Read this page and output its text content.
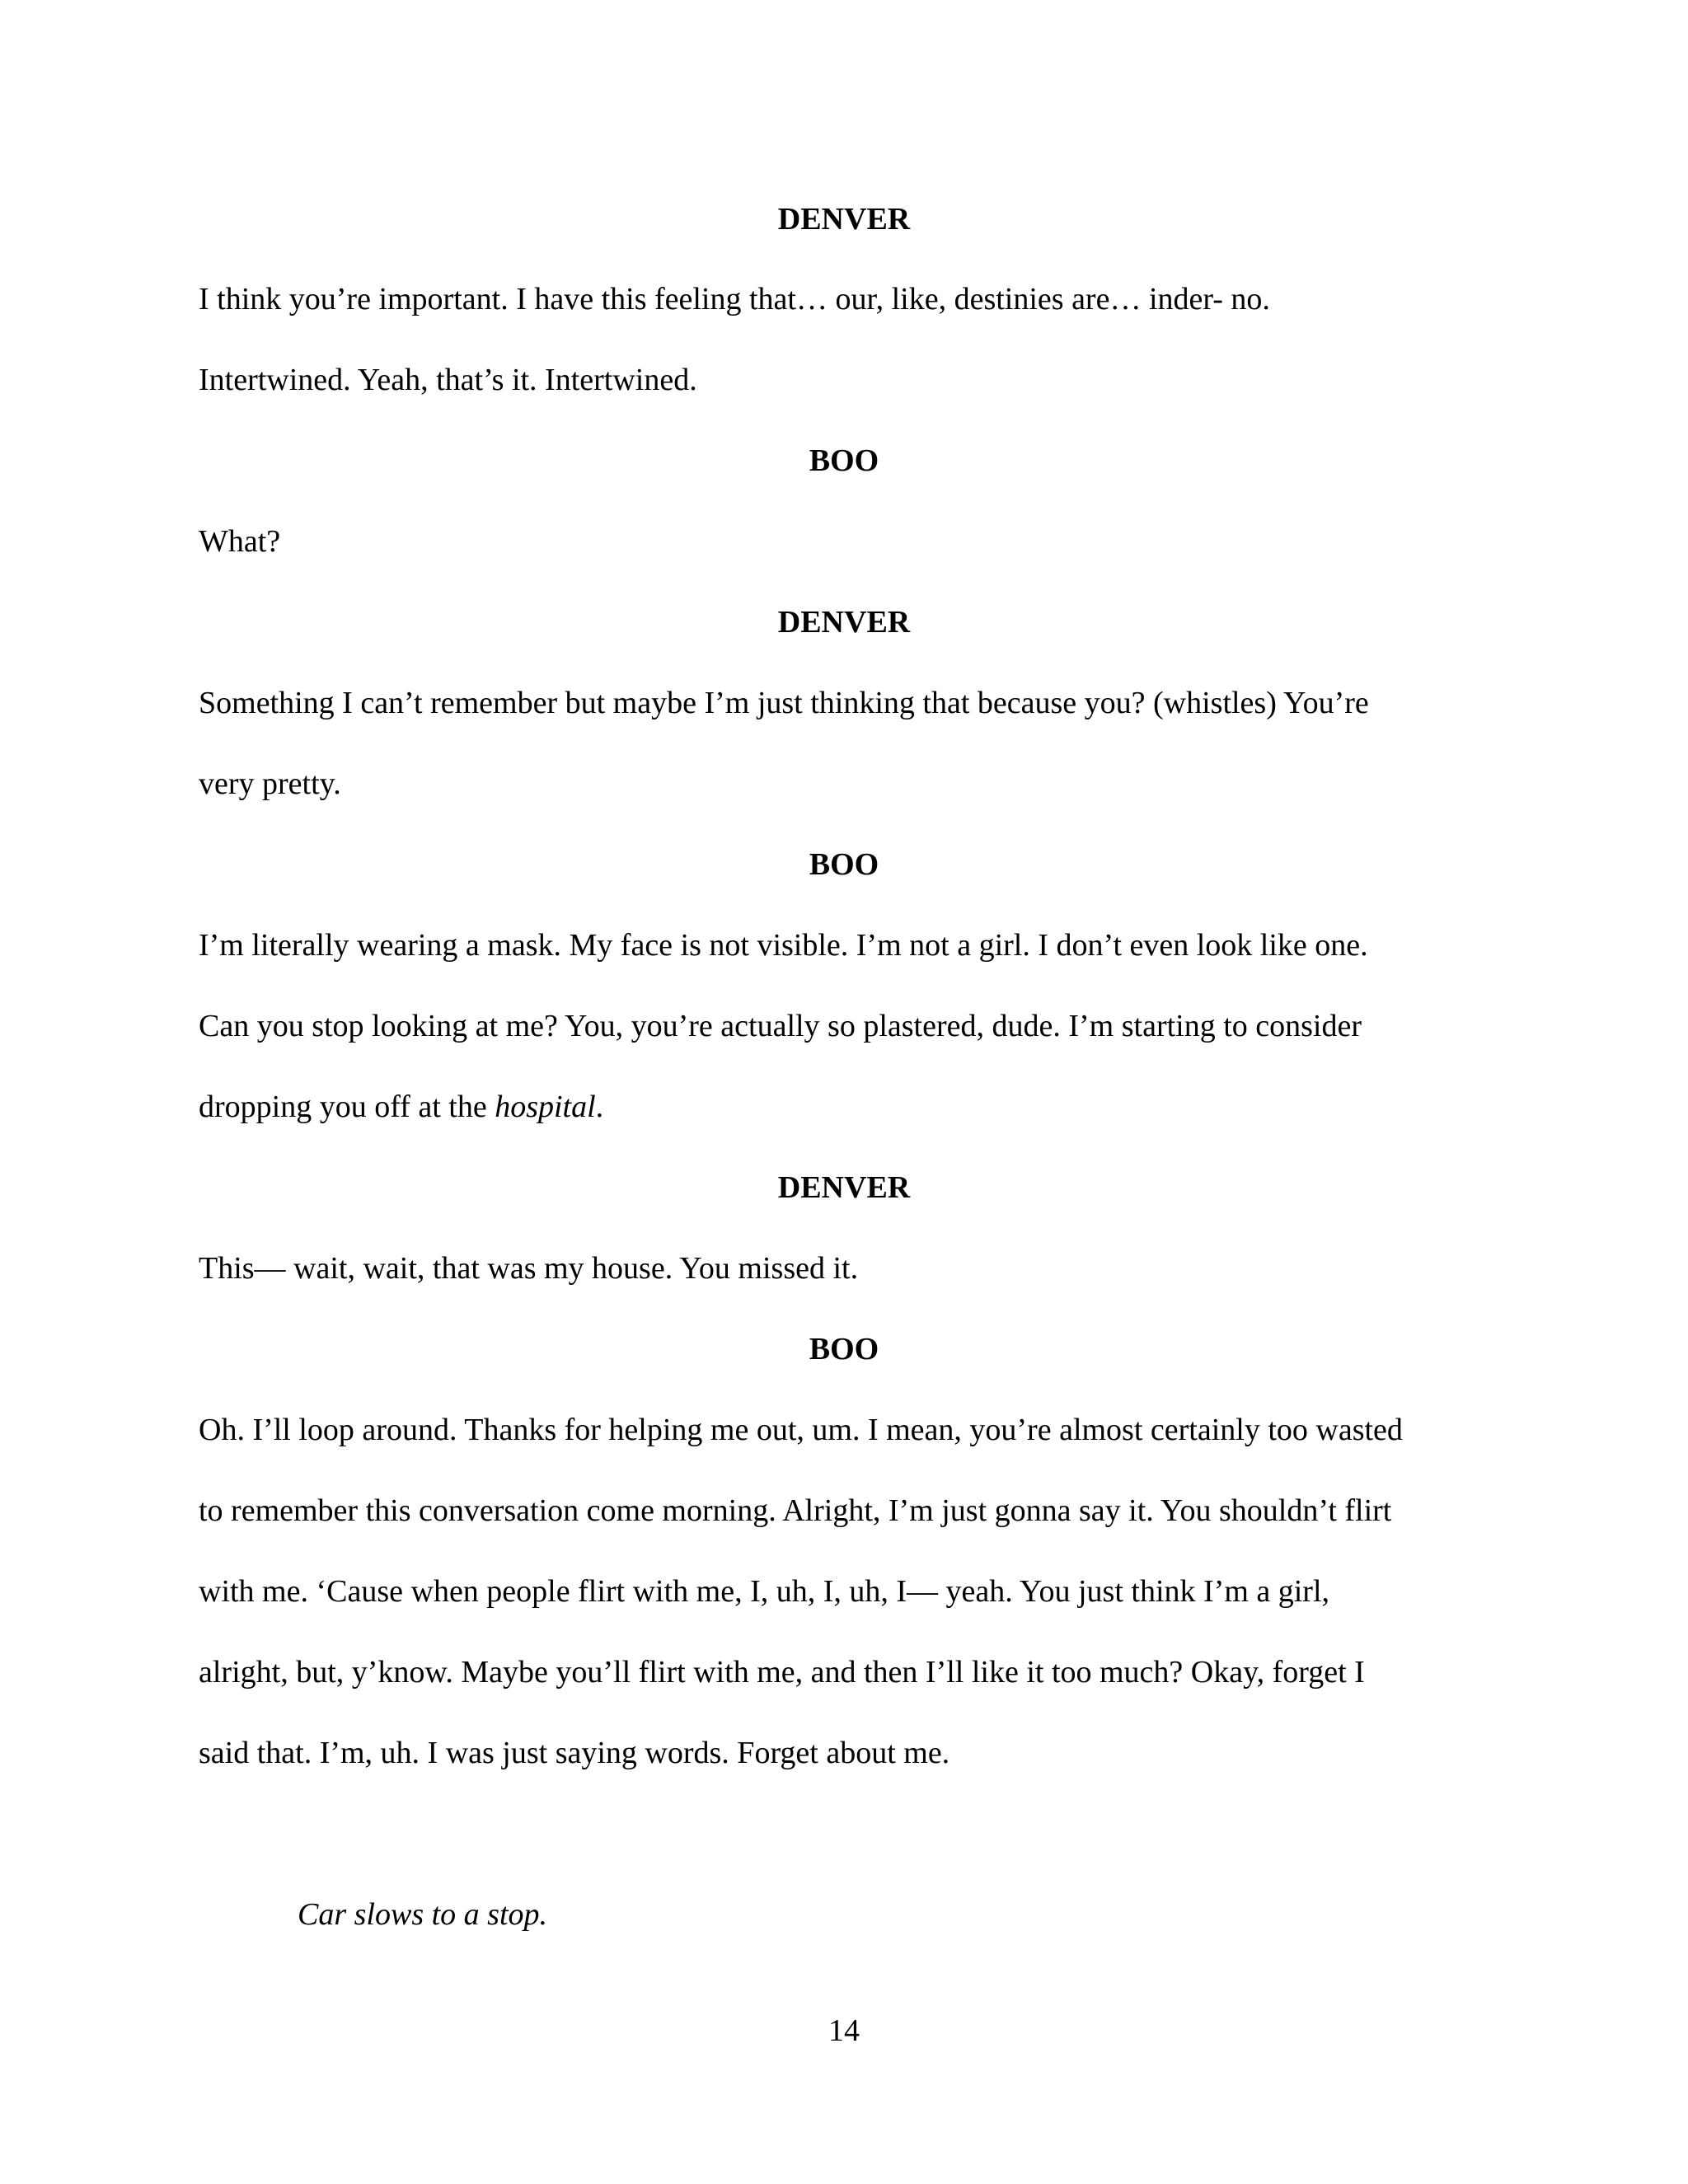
DENVER
I think you’re important. I have this feeling that… our, like, destinies are… inder- no.
Intertwined. Yeah, that’s it. Intertwined.
BOO
What?
DENVER
Something I can’t remember but maybe I’m just thinking that because you? (whistles) You’re
very pretty.
BOO
I’m literally wearing a mask. My face is not visible. I’m not a girl. I don’t even look like one.
Can you stop looking at me? You, you’re actually so plastered, dude. I’m starting to consider
dropping you off at the hospital.
DENVER
This— wait, wait, that was my house. You missed it.
BOO
Oh. I’ll loop around. Thanks for helping me out, um. I mean, you’re almost certainly too wasted
to remember this conversation come morning. Alright, I’m just gonna say it. You shouldn’t flirt
with me. ‘Cause when people flirt with me, I, uh, I, uh, I— yeah. You just think I’m a girl,
alright, but, y’know. Maybe you’ll flirt with me, and then I’ll like it too much? Okay, forget I
said that. I’m, uh. I was just saying words. Forget about me.
Car slows to a stop.
14
